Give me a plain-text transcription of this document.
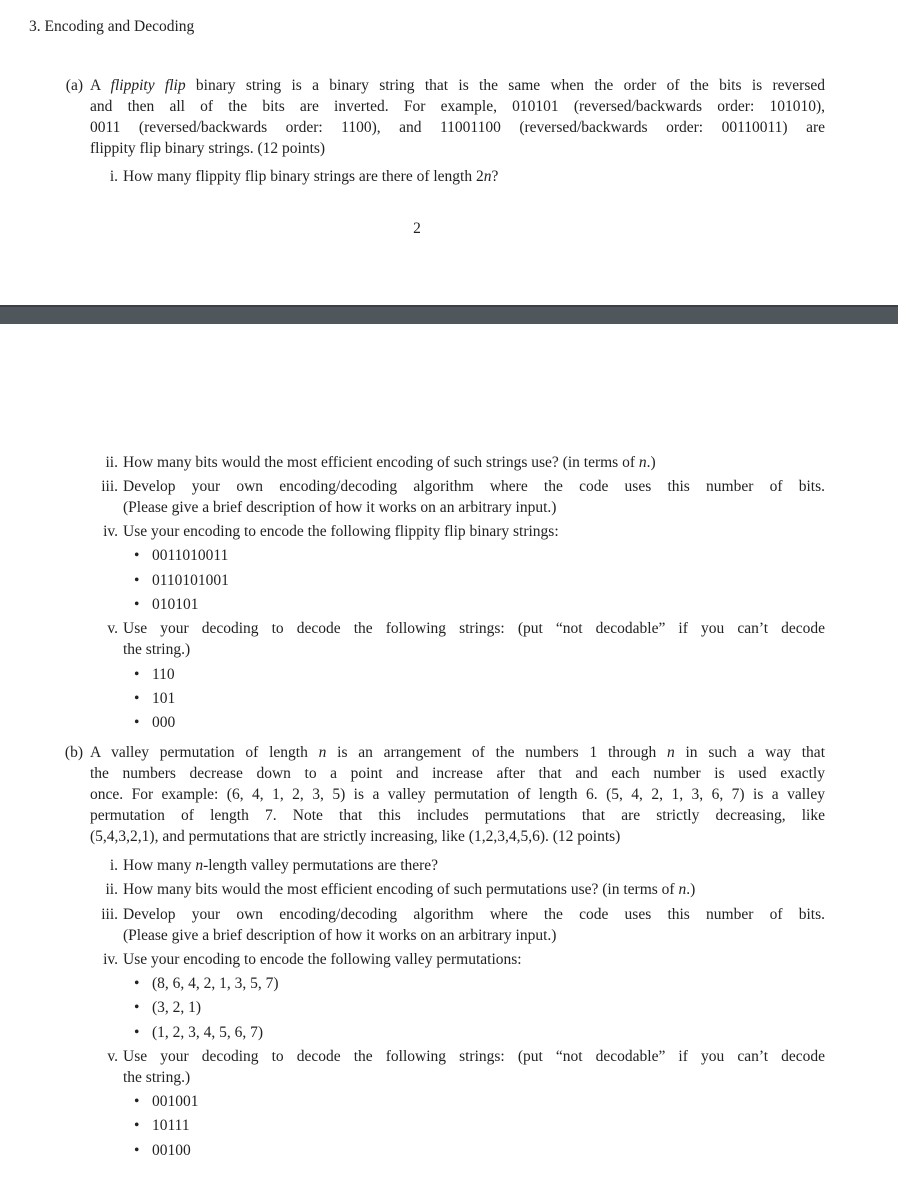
3. Encoding and Decoding
(a) A flippity flip binary string is a binary string that is the same when the order of the bits is reversed
and then all of the bits are inverted. For example, 010101 (reversed/backwards order: 101010),
0011 (reversed/backwards order: 1100), and 11001100 (reversed/backwards order: 00110011) are
flippity flip binary strings. (12 points)
i. How many flippity flip binary strings are there of length 2n?
2
ii. How many bits would the most efficient encoding of such strings use? (in terms of n.)
iii. Develop your own encoding/decoding algorithm where the code uses this number of bits.
(Please give a brief description of how it works on an arbitrary input.)
iv. Use your encoding to encode the following flippity flip binary strings:
0011010011
0110101001
010101
v. Use your decoding to decode the following strings: (put “not decodable” if you can’t decode
the string.)
110
101
000
(b) A valley permutation of length n is an arrangement of the numbers 1 through n in such a way that
the numbers decrease down to a point and increase after that and each number is used exactly
once. For example: (6, 4, 1, 2, 3, 5) is a valley permutation of length 6. (5, 4, 2, 1, 3, 6, 7) is a valley
permutation of length 7. Note that this includes permutations that are strictly decreasing, like
(5,4,3,2,1), and permutations that are strictly increasing, like (1,2,3,4,5,6). (12 points)
i. How many n-length valley permutations are there?
ii. How many bits would the most efficient encoding of such permutations use? (in terms of n.)
iii. Develop your own encoding/decoding algorithm where the code uses this number of bits.
(Please give a brief description of how it works on an arbitrary input.)
iv. Use your encoding to encode the following valley permutations:
(8, 6, 4, 2, 1, 3, 5, 7)
(3, 2, 1)
(1, 2, 3, 4, 5, 6, 7)
v. Use your decoding to decode the following strings: (put “not decodable” if you can’t decode
the string.)
001001
10111
00100
